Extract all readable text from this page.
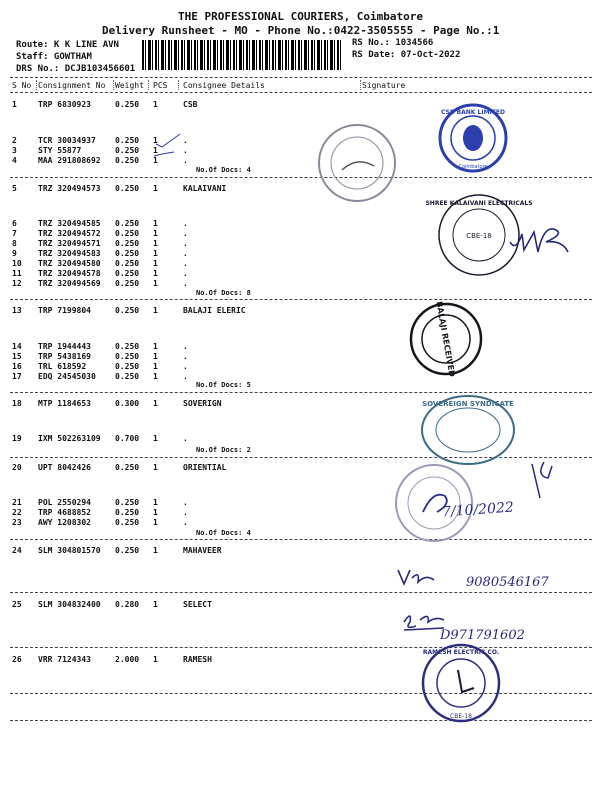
THE PROFESSIONAL COURIERS, Coimbatore
Delivery Runsheet - MO - Phone No.:0422-3505555 - Page No.:1
Route: K K LINE AVN
Staff: GOWTHAM
DRS No.: DCJB103456601
RS No.: 1034566
RS Date: 07-Oct-2022
S No Consignment No Weight PCS Consignee Details	Signature
1	TRP 6830923	0.250 1	CSB
2	TCR 30034937 0.250 1	.
3	STY 55877	0.250 1	.
4	MAA 291808692 0.250 1	.
No.Of Docs: 4
5	TRZ 320494573 0.250 1	KALAIVANI
6	TRZ 320494585 0.250 1	.
7	TRZ 320494572 0.250 1	.
8	TRZ 320494571 0.250 1	.
9	TRZ 320494583 0.250 1	.
10 TRZ 320494580 0.250 1	.
11 TRZ 320494578 0.250 1	.
12 TRZ 320494569 0.250 1	.
No.Of Docs: 8
13 TRP 7199804	0.250 1	BALAJI ELERIC
14 TRP 1944443	0.250 1	.
15 TRP 5438169	0.250 1	.
16 TRL 618592	0.250 1	.
17 EDQ 24545030 0.250 1	.
No.Of Docs: 5
18 MTP 1184653	0.300 1	SOVERIGN
19 IXM 502263109 0.700 1	.
No.Of Docs: 2
20 UPT 8042426	0.250 1	ORIENTIAL
21 POL 2550294	0.250 1	.
22 TRP 4688852	0.250 1	.
23 AWY 1208302	0.250 1	.
No.Of Docs: 4
24 SLM 304801570 0.250 1	MAHAVEER
25 SLM 304832400 0.280 1	SELECT
26 VRR 7124343	2.000 1	RAMESH
CSB BANK LIMITED
Coimbatore
SHREE KALAIVANI ELECTRICALS
CBE-18
BALAJI RECEIVED
SOVEREIGN SYNDICATE
7/10/2022
9080546167
D971791602
RAMESH ELECTRIC CO.
CBE-18
